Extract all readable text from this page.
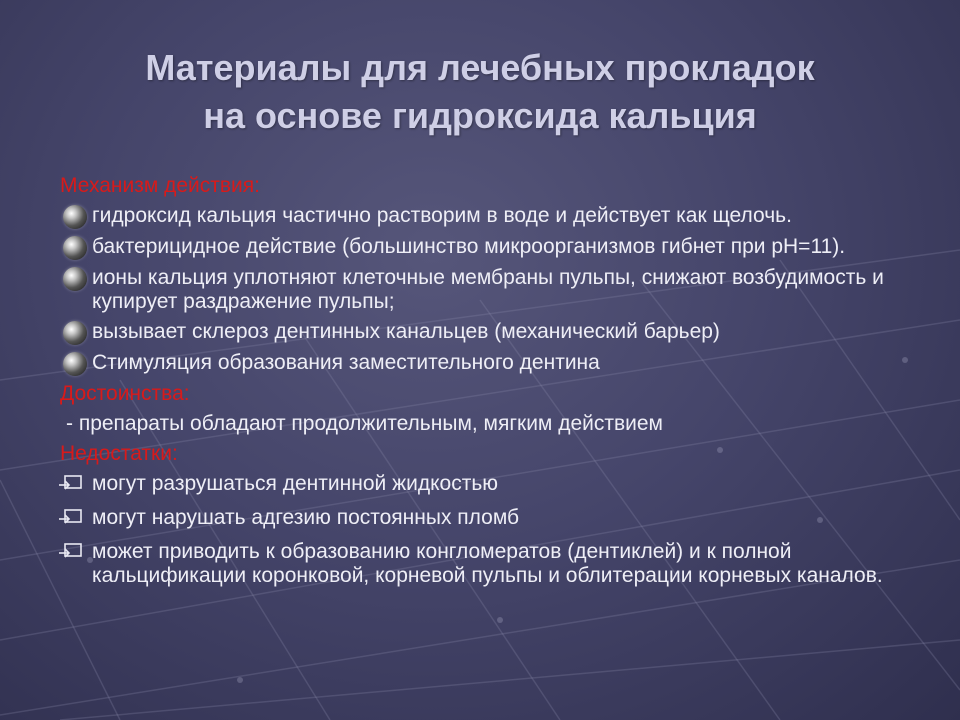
Материалы для лечебных прокладок
на основе гидроксида кальция
Механизм действия:
гидроксид кальция частично растворим в воде и действует как щелочь.
бактерицидное действие (большинство микроорганизмов гибнет при pH=11).
ионы кальция уплотняют клеточные мембраны пульпы, снижают возбудимость и купирует раздражение пульпы;
вызывает склероз дентинных канальцев (механический барьер)
Стимуляция образования заместительного дентина
Достоинства:
- препараты обладают продолжительным, мягким действием
Недостатки:
могут разрушаться дентинной жидкостью
могут нарушать адгезию постоянных пломб
может приводить к образованию конгломератов (дентиклей) и к полной кальцификации коронковой, корневой пульпы и облитерации корневых каналов.
